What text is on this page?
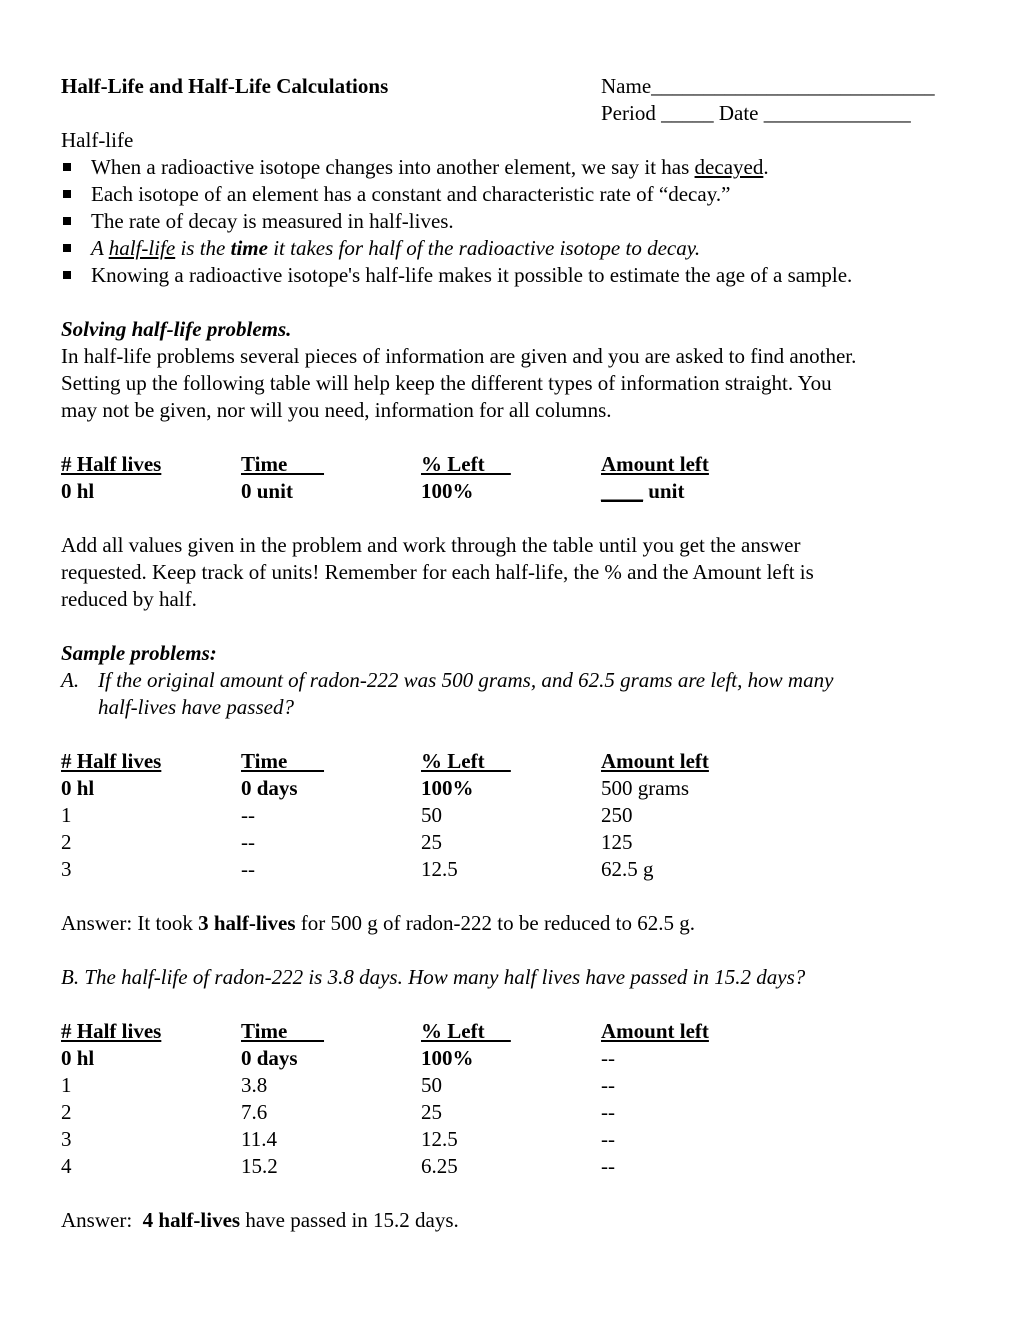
Half-Life and Half-Life Calculations	Name___________________________
Period _____ Date ______________
Half-life
When a radioactive isotope changes into another element, we say it has decayed.
Each isotope of an element has a constant and characteristic rate of “decay.”
The rate of decay is measured in half-lives.
A half-life is the time it takes for half of the radioactive isotope to decay.
Knowing a radioactive isotope's half-life makes it possible to estimate the age of a sample.
Solving half-life problems.
In half-life problems several pieces of information are given and you are asked to find another.
Setting up the following table will help keep the different types of information straight. You
may not be given, nor will you need, information for all columns.
# Half lives	Time	% Left	Amount left
0 hl	0 unit	100%	____ unit
Add all values given in the problem and work through the table until you get the answer
requested. Keep track of units! Remember for each half-life, the % and the Amount left is
reduced by half.
Sample problems:
A. If the original amount of radon-222 was 500 grams, and 62.5 grams are left, how many
half-lives have passed?
# Half lives	Time	% Left	Amount left
0 hl	0 days	100%	500 grams
1	--	50	250
2	--	25	125
3	--	12.5	62.5 g
Answer: It took 3 half-lives for 500 g of radon-222 to be reduced to 62.5 g.
B. The half-life of radon-222 is 3.8 days. How many half lives have passed in 15.2 days?
# Half lives	Time	% Left	Amount left
0 hl	0 days	100%	--
1	3.8	50	--
2	7.6	25	--
3	11.4	12.5	--
4	15.2	6.25	--
Answer:  4 half-lives have passed in 15.2 days.
